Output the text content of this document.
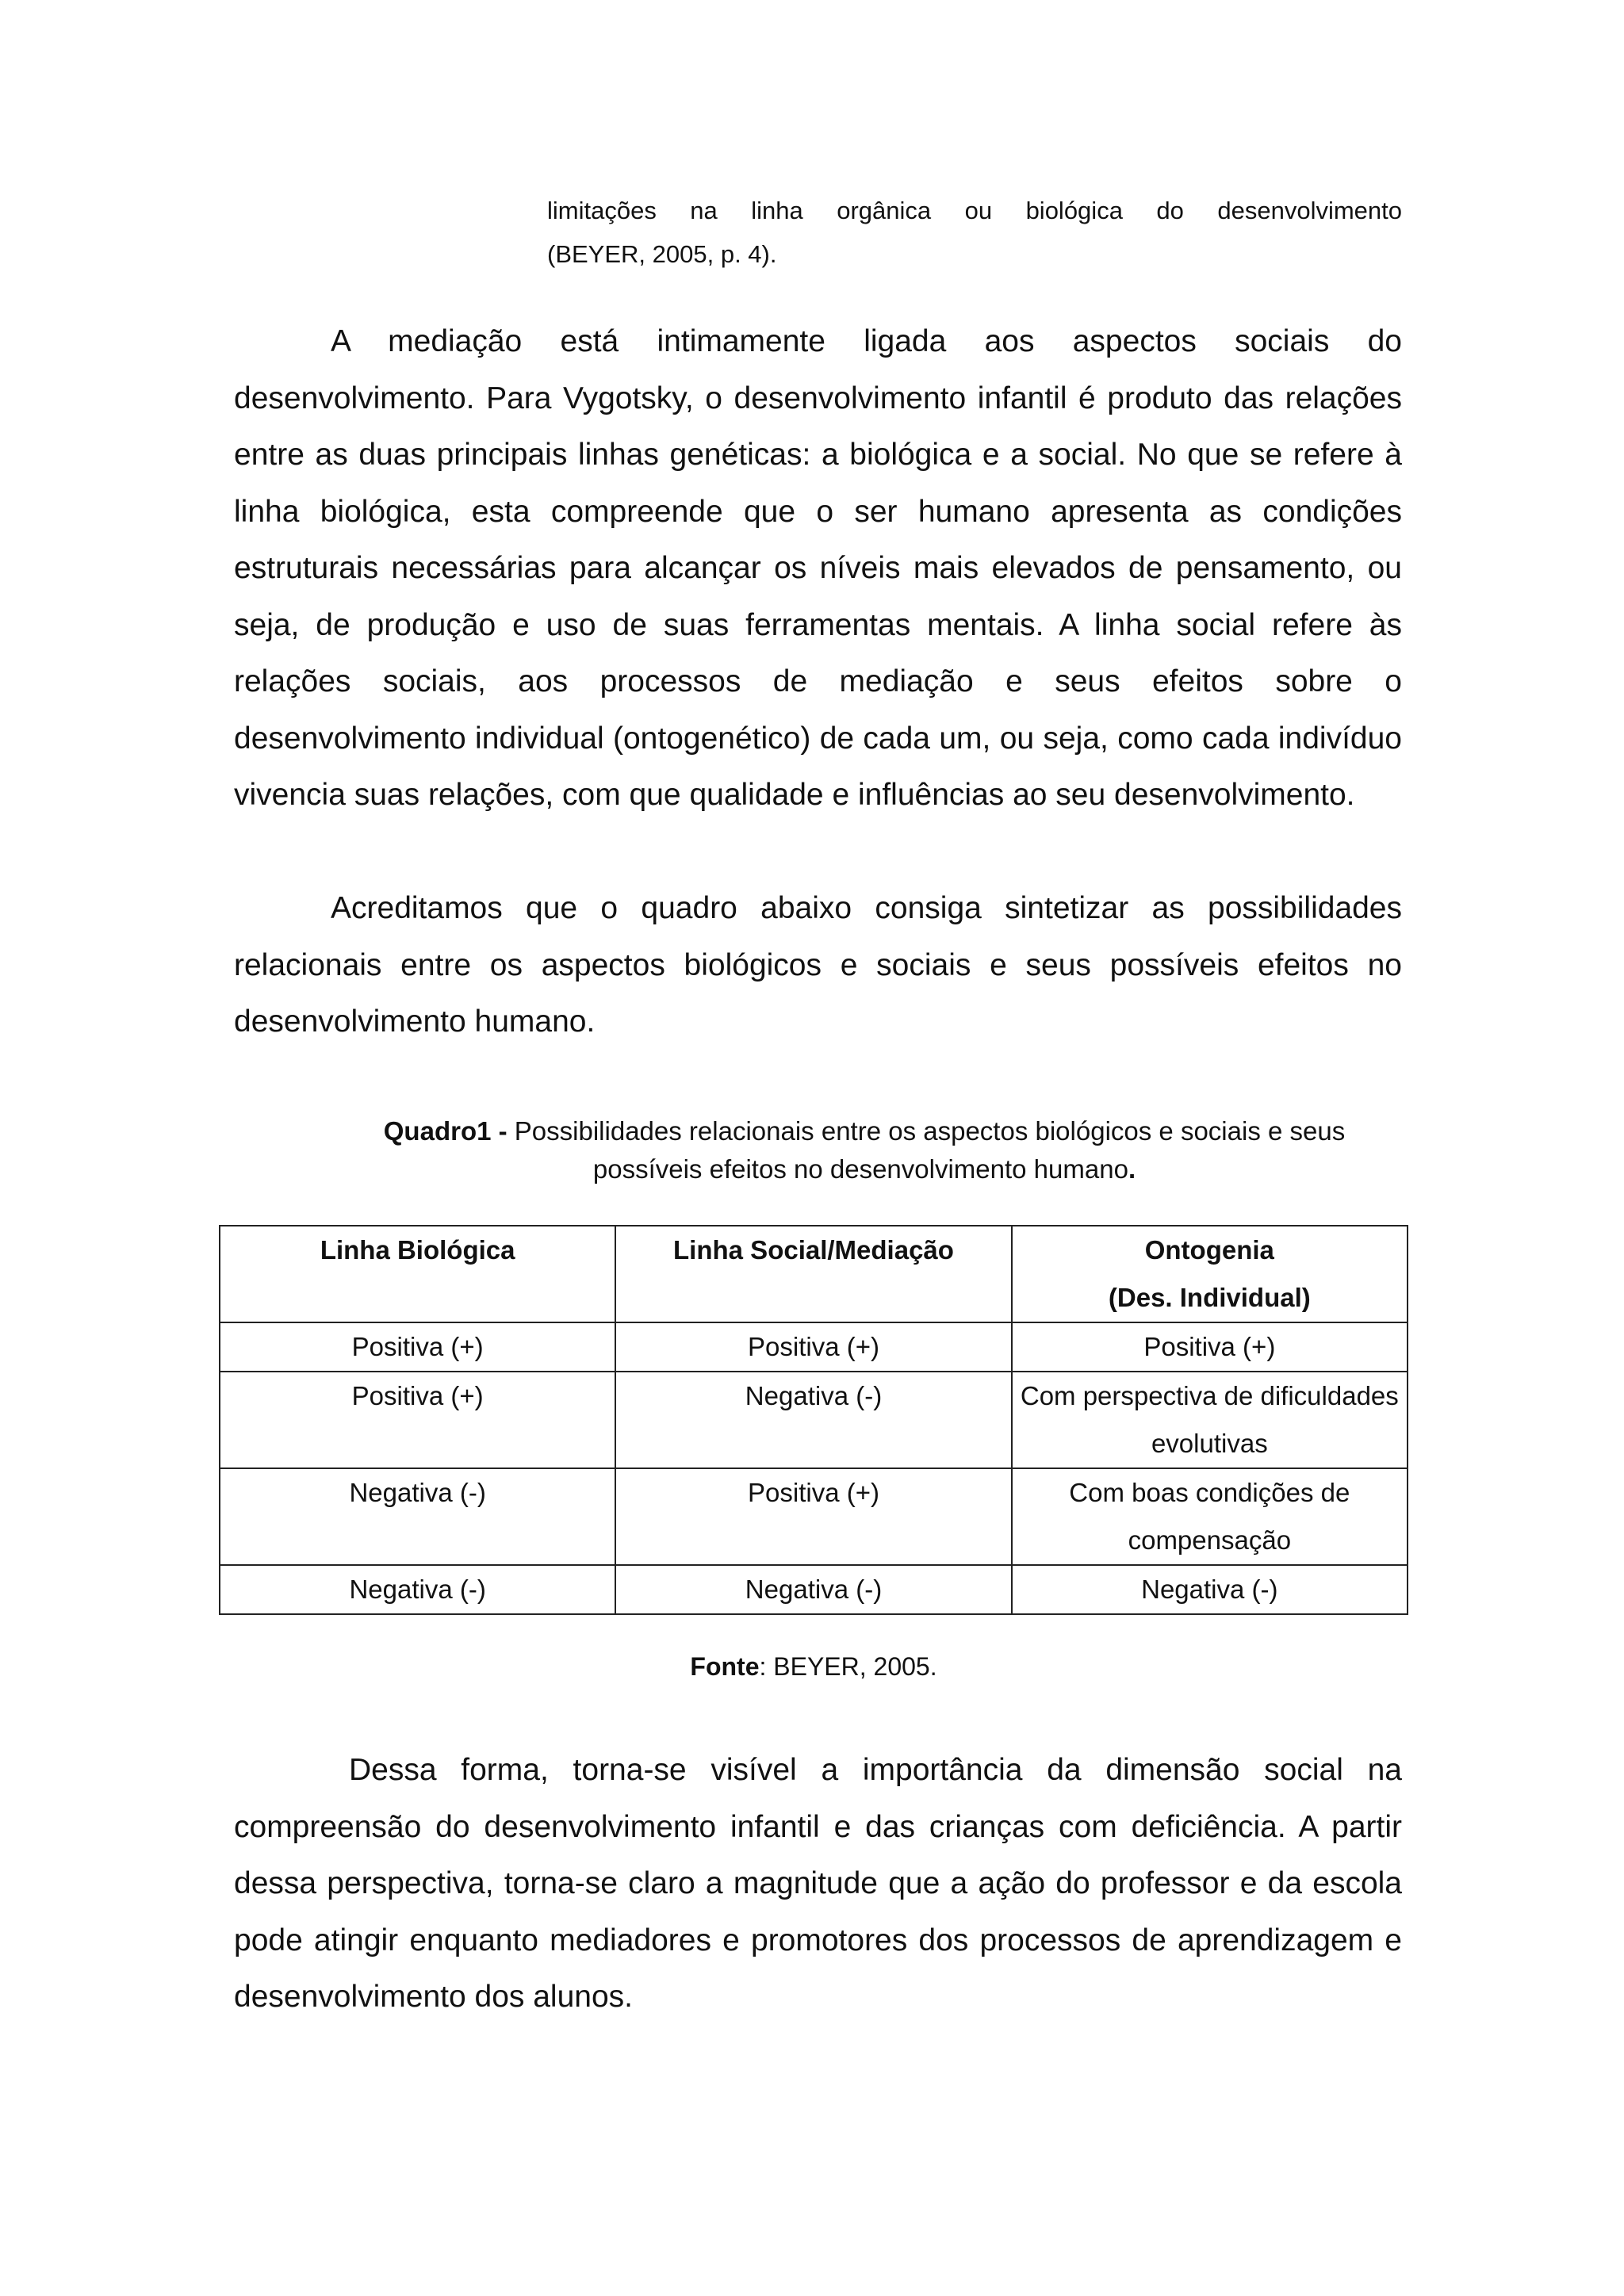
limitações na linha orgânica ou biológica do desenvolvimento
(BEYER, 2005, p. 4).

A mediação está intimamente ligada aos aspectos sociais do desenvolvimento. Para Vygotsky, o desenvolvimento infantil é produto das relações entre as duas principais linhas genéticas: a biológica e a social. No que se refere à linha biológica, esta compreende que o ser humano apresenta as condições estruturais necessárias para alcançar os níveis mais elevados de pensamento, ou seja, de produção e uso de suas ferramentas mentais. A linha social refere às relações sociais, aos processos de mediação e seus efeitos sobre o desenvolvimento individual (ontogenético) de cada um, ou seja, como cada indivíduo vivencia suas relações, com que qualidade e influências ao seu desenvolvimento.

Acreditamos que o quadro abaixo consiga sintetizar as possibilidades relacionais entre os aspectos biológicos e sociais e seus possíveis efeitos no desenvolvimento humano.

Quadro1 - Possibilidades relacionais entre os aspectos biológicos e sociais e seus possíveis efeitos no desenvolvimento humano.
Linha Biológica	Linha Social/Mediação	Ontogenia
(Des. Individual)
Positiva (+)	Positiva (+)	Positiva (+)
Positiva (+)	Negativa (-)	Com perspectiva de dificuldades evolutivas
Negativa (-)	Positiva (+)	Com boas condições de compensação
Negativa (-)	Negativa (-)	Negativa (-)
Fonte: BEYER, 2005.

Dessa forma, torna-se visível a importância da dimensão social na compreensão do desenvolvimento infantil e das crianças com deficiência. A partir dessa perspectiva, torna-se claro a magnitude que a ação do professor e da escola pode atingir enquanto mediadores e promotores dos processos de aprendizagem e desenvolvimento dos alunos.
